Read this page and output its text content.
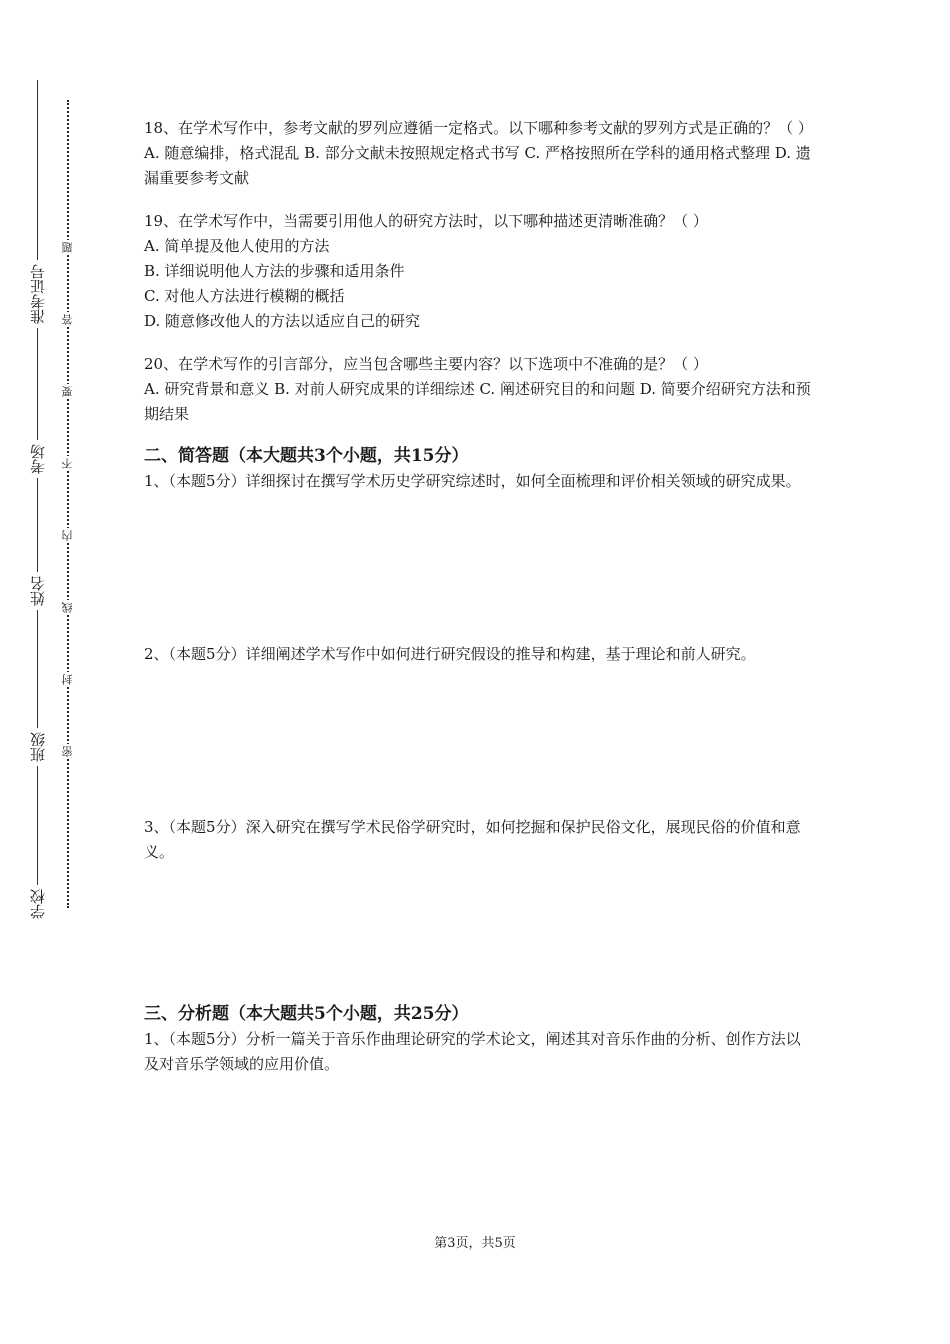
准考证号
考场
姓名
班级
学校
题
答
要
不
内
线
封
密

18、在学术写作中，参考文献的罗列应遵循一定格式。以下哪种参考文献的罗列方式是正确的？（ ）

A. 随意编排，格式混乱 B. 部分文献未按照规定格式书写 C. 严格按照所在学科的通用格式整理 D. 遗漏重要参考文献

19、在学术写作中，当需要引用他人的研究方法时，以下哪种描述更清晰准确？（ ）

A. 简单提及他人使用的方法

B. 详细说明他人方法的步骤和适用条件

C. 对他人方法进行模糊的概括

D. 随意修改他人的方法以适应自己的研究

20、在学术写作的引言部分，应当包含哪些主要内容？以下选项中不准确的是？（ ）

A. 研究背景和意义 B. 对前人研究成果的详细综述 C. 阐述研究目的和问题 D. 简要介绍研究方法和预期结果

二、简答题（本大题共3个小题，共15分）

1、（本题5分）详细探讨在撰写学术历史学研究综述时，如何全面梳理和评价相关领域的研究成果。

2、（本题5分）详细阐述学术写作中如何进行研究假设的推导和构建，基于理论和前人研究。

3、（本题5分）深入研究在撰写学术民俗学研究时，如何挖掘和保护民俗文化，展现民俗的价值和意义。

三、分析题（本大题共5个小题，共25分）

1、（本题5分）分析一篇关于音乐作曲理论研究的学术论文，阐述其对音乐作曲的分析、创作方法以及对音乐学领域的应用价值。

第3页，共5页
